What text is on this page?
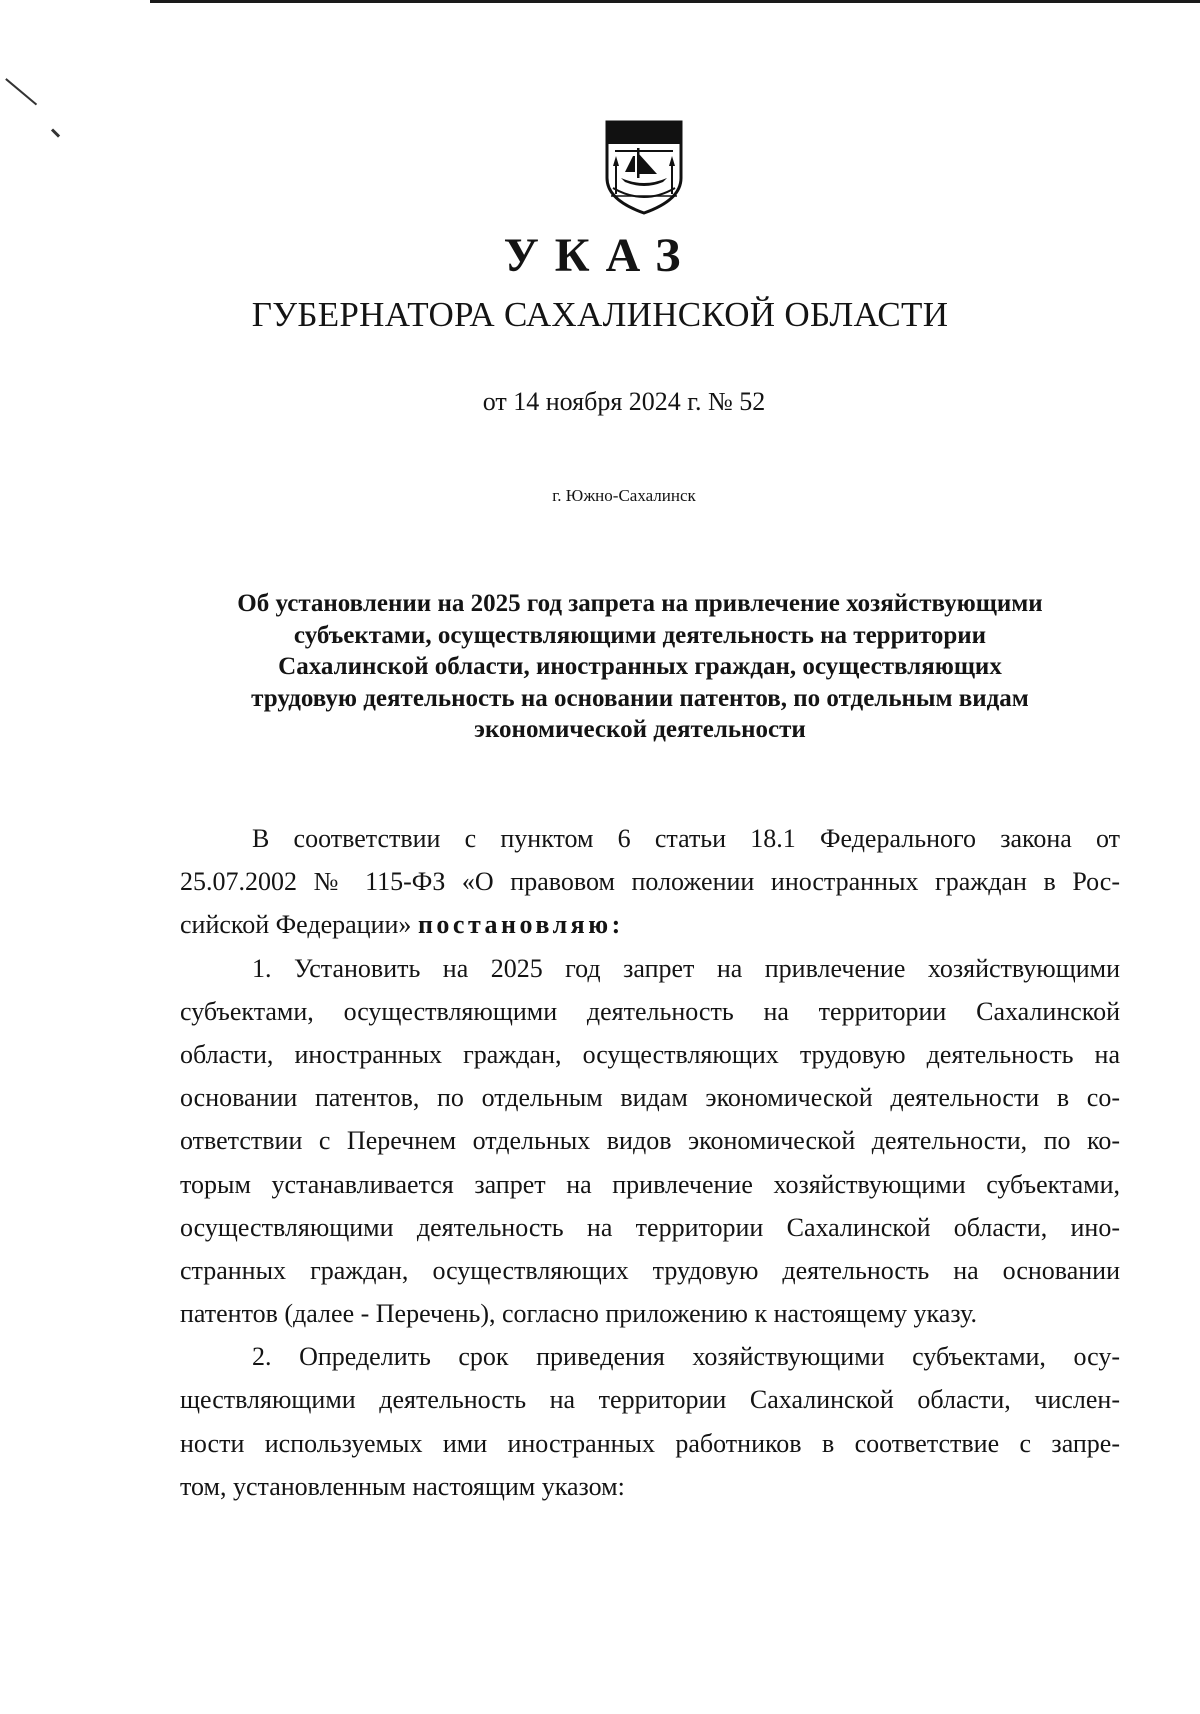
УКАЗ
ГУБЕРНАТОРА САХАЛИНСКОЙ ОБЛАСТИ
от 14 ноября 2024 г. № 52
г. Южно-Сахалинск
Об установлении на 2025 год запрета на привлечение хозяйствующими
субъектами, осуществляющими деятельность на территории
Сахалинской области, иностранных граждан, осуществляющих
трудовую деятельность на основании патентов, по отдельным видам
экономической деятельности
В соответствии с пунктом 6 статьи 18.1 Федерального закона от
25.07.2002 № 115-ФЗ «О правовом положении иностранных граждан в Рос-
сийской Федерации» постановляю:
1. Установить на 2025 год запрет на привлечение хозяйствующими
субъектами, осуществляющими деятельность на территории Сахалинской
области, иностранных граждан, осуществляющих трудовую деятельность на
основании патентов, по отдельным видам экономической деятельности в со-
ответствии с Перечнем отдельных видов экономической деятельности, по ко-
торым устанавливается запрет на привлечение хозяйствующими субъектами,
осуществляющими деятельность на территории Сахалинской области, ино-
странных граждан, осуществляющих трудовую деятельность на основании
патентов (далее - Перечень), согласно приложению к настоящему указу.
2. Определить срок приведения хозяйствующими субъектами, осу-
ществляющими деятельность на территории Сахалинской области, числен-
ности используемых ими иностранных работников в соответствие с запре-
том, установленным настоящим указом:
